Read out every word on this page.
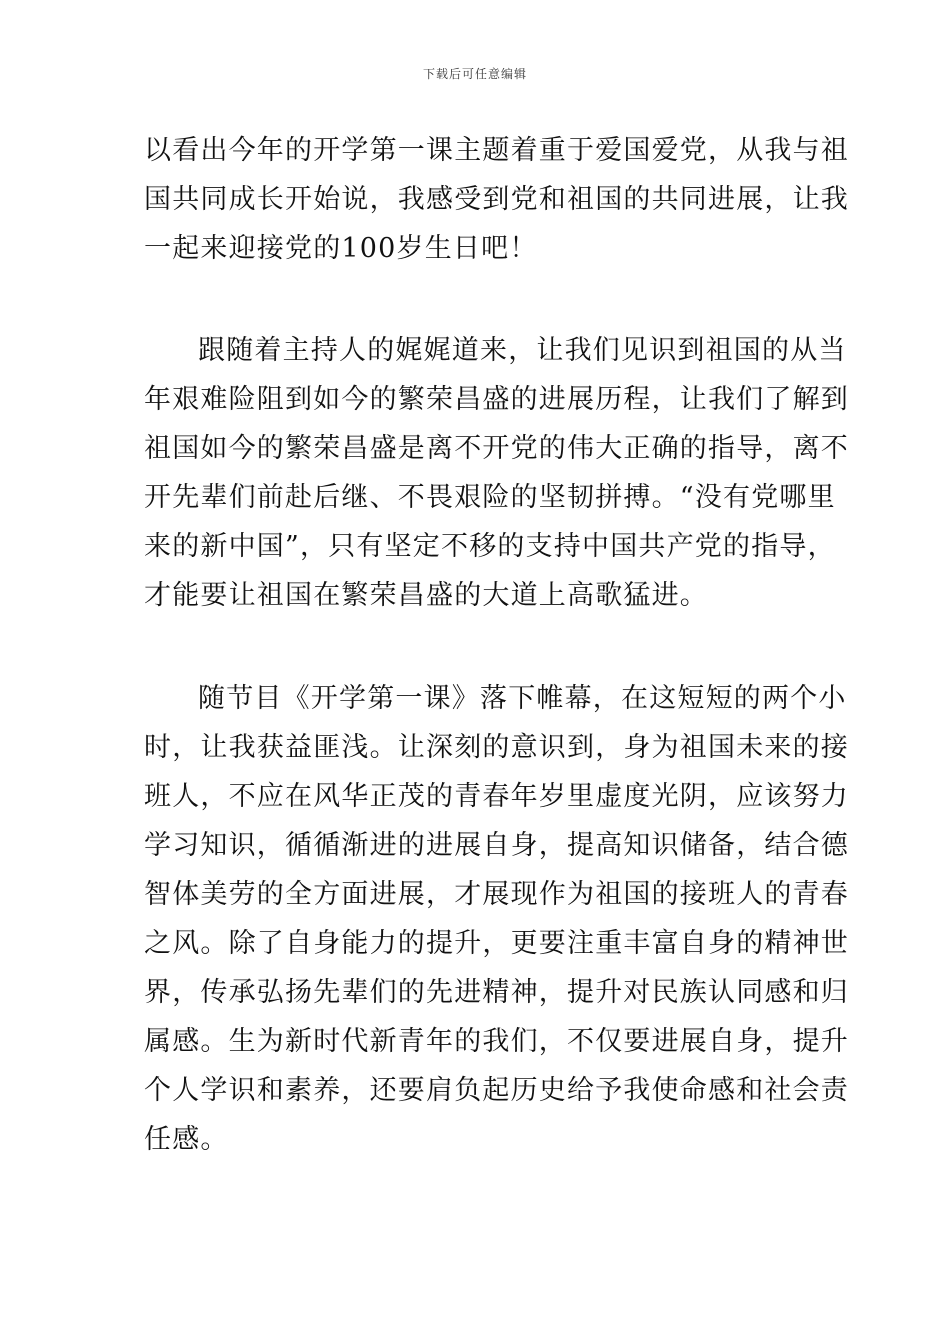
下载后可任意编辑
以看出今年的开学第一课主题着重于爱国爱党，从我与祖
国共同成长开始说，我感受到党和祖国的共同进展，让我
一起来迎接党的100岁生日吧！
跟随着主持人的娓娓道来，让我们见识到祖国的从当
年艰难险阻到如今的繁荣昌盛的进展历程，让我们了解到
祖国如今的繁荣昌盛是离不开党的伟大正确的指导，离不
开先辈们前赴后继、不畏艰险的坚韧拼搏。“没有党哪里
来的新中国”，只有坚定不移的支持中国共产党的指导，
才能要让祖国在繁荣昌盛的大道上高歌猛进。
随节目《开学第一课》落下帷幕，在这短短的两个小
时，让我获益匪浅。让深刻的意识到，身为祖国未来的接
班人，不应在风华正茂的青春年岁里虚度光阴，应该努力
学习知识，循循渐进的进展自身，提高知识储备，结合德
智体美劳的全方面进展，才展现作为祖国的接班人的青春
之风。除了自身能力的提升，更要注重丰富自身的精神世
界，传承弘扬先辈们的先进精神，提升对民族认同感和归
属感。生为新时代新青年的我们，不仅要进展自身，提升
个人学识和素养，还要肩负起历史给予我使命感和社会责
任感。
